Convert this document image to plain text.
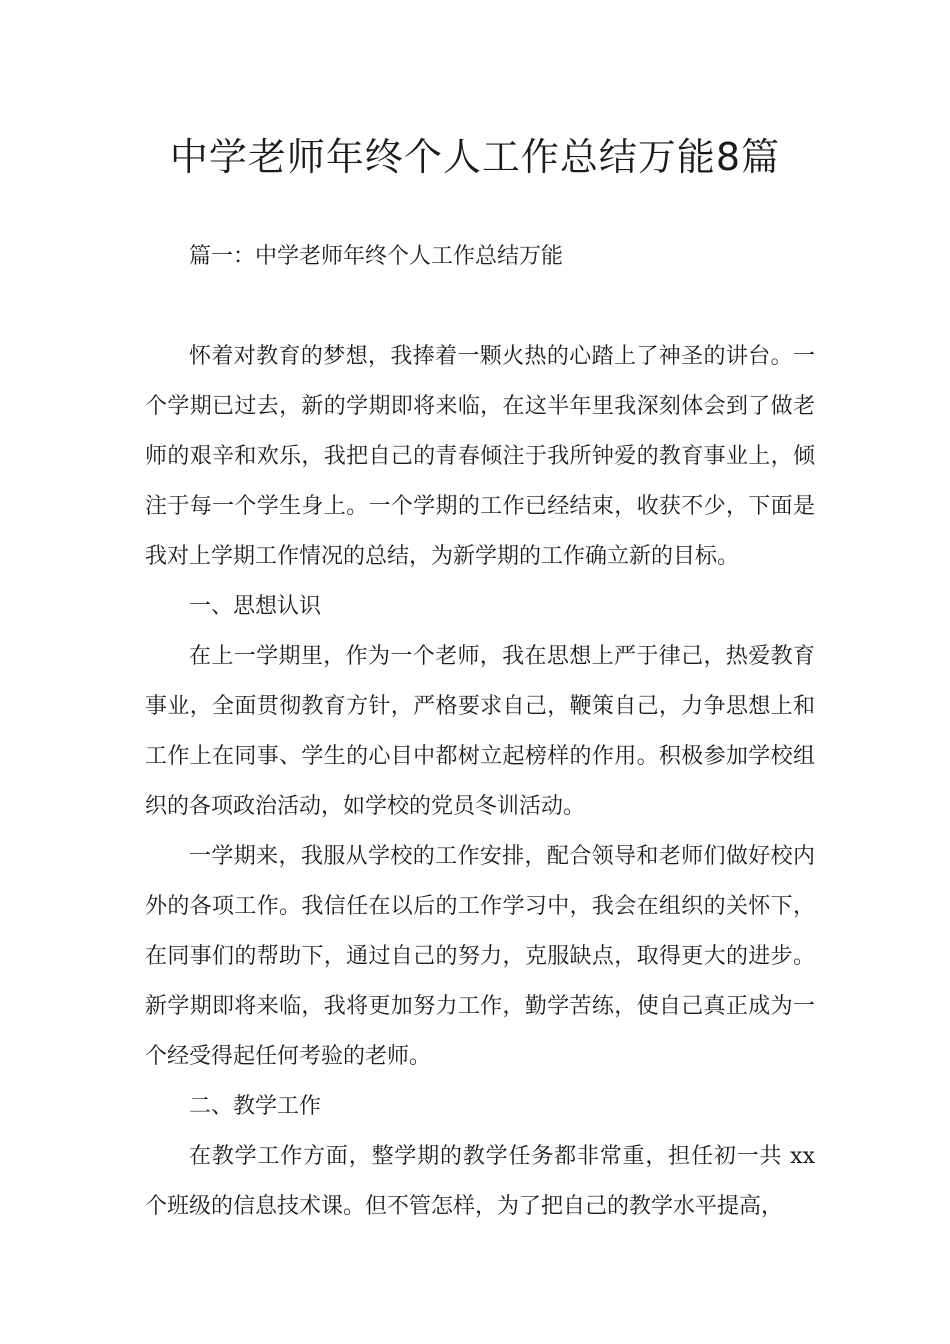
中学老师年终个人工作总结万能8篇

篇一：中学老师年终个人工作总结万能

怀着对教育的梦想，我捧着一颗火热的心踏上了神圣的讲台。一个学期已过去，新的学期即将来临，在这半年里我深刻体会到了做老师的艰辛和欢乐，我把自己的青春倾注于我所钟爱的教育事业上，倾注于每一个学生身上。一个学期的工作已经结束，收获不少，下面是我对上学期工作情况的总结，为新学期的工作确立新的目标。

一、思想认识

在上一学期里，作为一个老师，我在思想上严于律己，热爱教育事业，全面贯彻教育方针，严格要求自己，鞭策自己，力争思想上和工作上在同事、学生的心目中都树立起榜样的作用。积极参加学校组织的各项政治活动，如学校的党员冬训活动。

一学期来，我服从学校的工作安排，配合领导和老师们做好校内外的各项工作。我信任在以后的工作学习中，我会在组织的关怀下，在同事们的帮助下，通过自己的努力，克服缺点，取得更大的进步。新学期即将来临，我将更加努力工作，勤学苦练，使自己真正成为一个经受得起任何考验的老师。

二、教学工作

在教学工作方面，整学期的教学任务都非常重，担任初一共 xx 个班级的信息技术课。但不管怎样，为了把自己的教学水平提高，
